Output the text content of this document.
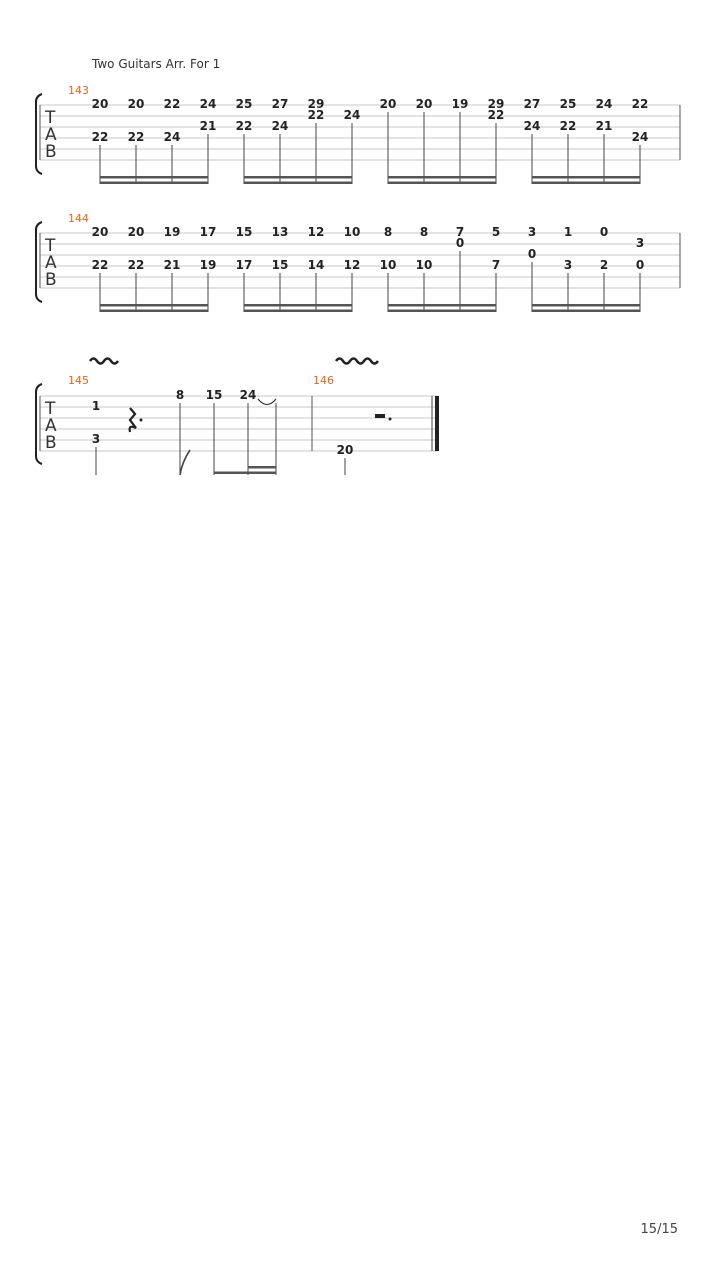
Two Guitars Arr. For 1
T
A
B
143
20 20 22 24 25 27 29	20 20 19 29 27 25 24 22
22 24	22
21 22 24	24 22 21
22 22 24	24
T
A
B
144
20 20 19 17 15 13 12 10 8 8 7 5 3 1 0
0	3
0
22 22 21 19 17 15 14 12 10 10	7	3 2 0
T
A
B
145	146
1
3
8 15 24
20
15/15
